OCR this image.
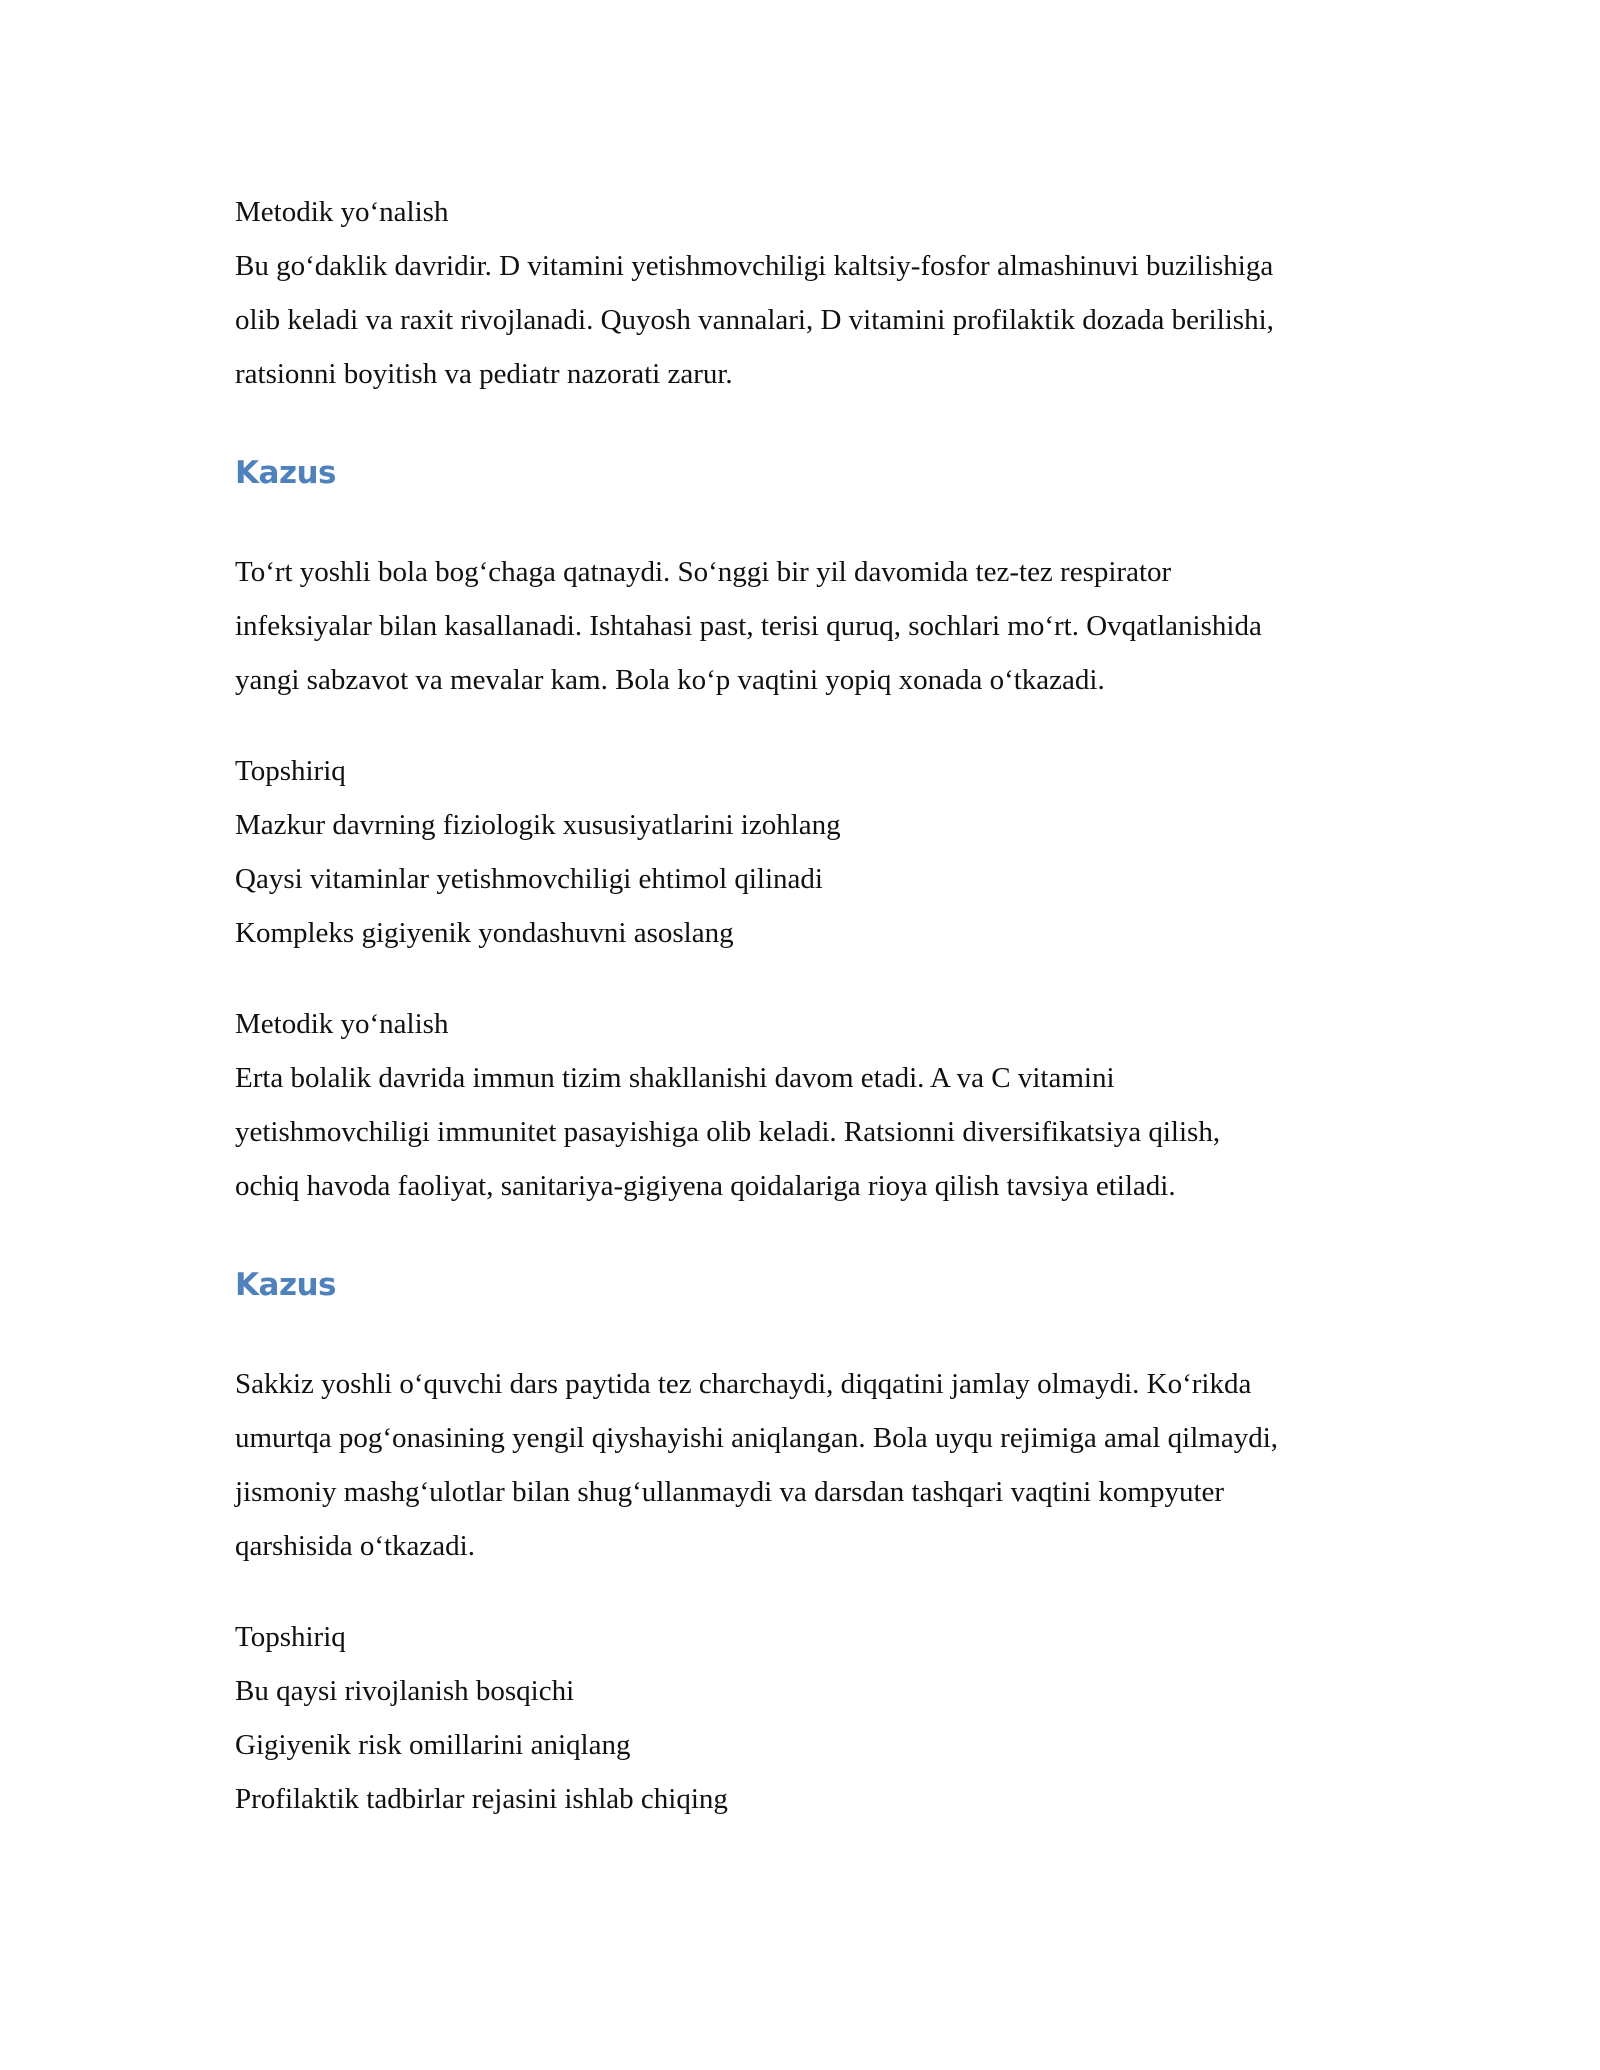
Metodik yo‘nalish

Bu go‘daklik davridir. D vitamini yetishmovchiligi kaltsiy-fosfor almashinuvi buzilishiga

olib keladi va raxit rivojlanadi. Quyosh vannalari, D vitamini profilaktik dozada berilishi,

ratsionni boyitish va pediatr nazorati zarur.

Kazus

To‘rt yoshli bola bog‘chaga qatnaydi. So‘nggi bir yil davomida tez-tez respirator

infeksiyalar bilan kasallanadi. Ishtahasi past, terisi quruq, sochlari mo‘rt. Ovqatlanishida

yangi sabzavot va mevalar kam. Bola ko‘p vaqtini yopiq xonada o‘tkazadi.

Topshiriq

Mazkur davrning fiziologik xususiyatlarini izohlang

Qaysi vitaminlar yetishmovchiligi ehtimol qilinadi

Kompleks gigiyenik yondashuvni asoslang

Metodik yo‘nalish

Erta bolalik davrida immun tizim shakllanishi davom etadi. A va C vitamini

yetishmovchiligi immunitet pasayishiga olib keladi. Ratsionni diversifikatsiya qilish,

ochiq havoda faoliyat, sanitariya-gigiyena qoidalariga rioya qilish tavsiya etiladi.

Kazus

Sakkiz yoshli o‘quvchi dars paytida tez charchaydi, diqqatini jamlay olmaydi. Ko‘rikda

umurtqa pog‘onasining yengil qiyshayishi aniqlangan. Bola uyqu rejimiga amal qilmaydi,

jismoniy mashg‘ulotlar bilan shug‘ullanmaydi va darsdan tashqari vaqtini kompyuter

qarshisida o‘tkazadi.

Topshiriq

Bu qaysi rivojlanish bosqichi

Gigiyenik risk omillarini aniqlang

Profilaktik tadbirlar rejasini ishlab chiqing
